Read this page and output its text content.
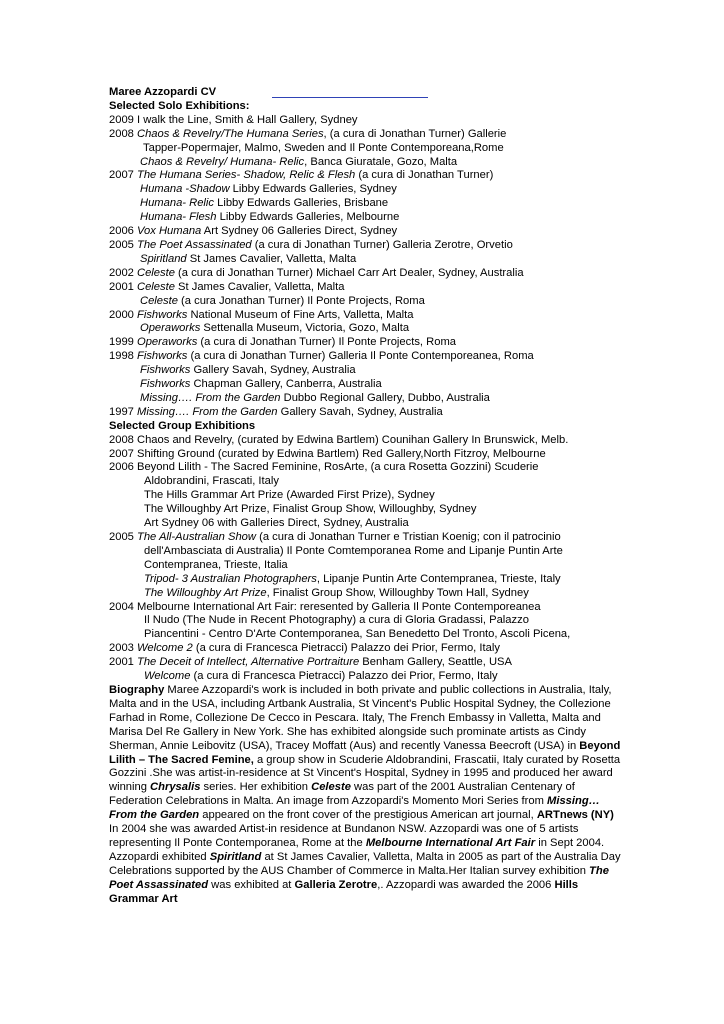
Maree Azzopardi CV
Selected Solo Exhibitions:
2009 I walk the Line, Smith & Hall Gallery, Sydney
2008 Chaos & Revelry/The Humana Series, (a cura di Jonathan Turner) Gallerie
Tapper-Popermajer, Malmo, Sweden and Il Ponte Contemporeana,Rome
Chaos & Revelry/ Humana- Relic, Banca Giuratale, Gozo, Malta
2007 The Humana Series- Shadow, Relic & Flesh (a cura di Jonathan Turner)
Humana -Shadow Libby Edwards Galleries, Sydney
Humana- Relic Libby Edwards Galleries, Brisbane
Humana- Flesh Libby Edwards Galleries, Melbourne
2006 Vox Humana Art Sydney 06 Galleries Direct, Sydney
2005 The Poet Assassinated (a cura di Jonathan Turner) Galleria Zerotre, Orvetio
Spiritland St James Cavalier, Valletta, Malta
2002 Celeste (a cura di Jonathan Turner) Michael Carr Art Dealer, Sydney, Australia
2001 Celeste St James Cavalier, Valletta, Malta
Celeste (a cura Jonathan Turner) Il Ponte Projects, Roma
2000 Fishworks National Museum of Fine Arts, Valletta, Malta
Operaworks Settenalla Museum, Victoria, Gozo, Malta
1999 Operaworks (a cura di Jonathan Turner) Il Ponte Projects, Roma
1998 Fishworks (a cura di Jonathan Turner) Galleria Il Ponte Contemporeanea, Roma
Fishworks Gallery Savah, Sydney, Australia
Fishworks Chapman Gallery, Canberra, Australia
Missing…. From the Garden Dubbo Regional Gallery, Dubbo, Australia
1997 Missing…. From the Garden Gallery Savah, Sydney, Australia
Selected Group Exhibitions
2008 Chaos and Revelry, (curated by Edwina Bartlem) Counihan Gallery In Brunswick, Melb.
2007 Shifting Ground (curated by Edwina Bartlem) Red Gallery,North Fitzroy, Melbourne
2006 Beyond Lilith - The Sacred Feminine, RosArte, (a cura Rosetta Gozzini) Scuderie
Aldobrandini, Frascati, Italy
The Hills Grammar Art Prize (Awarded First Prize), Sydney
The Willoughby Art Prize, Finalist Group Show, Willoughby, Sydney
Art Sydney 06 with Galleries Direct, Sydney, Australia
2005 The All-Australian Show (a cura di Jonathan Turner e Tristian Koenig; con il patrocinio
dell'Ambasciata di Australia) Il Ponte Comtemporanea Rome and Lipanje Puntin Arte
Contempranea, Trieste, Italia
Tripod- 3 Australian Photographers, Lipanje Puntin Arte Contempranea, Trieste, Italy
The Willoughby Art Prize, Finalist Group Show, Willoughby Town Hall, Sydney
2004 Melbourne International Art Fair: reresented by Galleria Il Ponte Contemporeanea
Il Nudo (The Nude in Recent Photography) a cura di Gloria Gradassi, Palazzo
Piancentini - Centro D'Arte Contemporanea, San Benedetto Del Tronto, Ascoli Picena,
2003 Welcome 2 (a cura di Francesca Pietracci) Palazzo dei Prior, Fermo, Italy
2001 The Deceit of Intellect, Alternative Portraiture Benham Gallery, Seattle, USA
Welcome (a cura di Francesca Pietracci) Palazzo dei Prior, Fermo, Italy

Biography Maree Azzopardi's work is included in both private and public collections in Australia, Italy, Malta and in the USA, including Artbank Australia, St Vincent's Public Hospital Sydney, the Collezione Farhad in Rome, Collezione De Cecco in Pescara. Italy, The French Embassy in Valletta, Malta and Marisa Del Re Gallery in New York. She has exhibited alongside such prominate artists as Cindy Sherman, Annie Leibovitz (USA), Tracey Moffatt (Aus) and recently Vanessa Beecroft (USA) in Beyond Lilith – The Sacred Femine, a group show in Scuderie Aldobrandini, Frascatii, Italy curated by Rosetta Gozzini .She was artist-in-residence at St Vincent's Hospital, Sydney in 1995 and produced her award winning Chrysalis series. Her exhibition Celeste was part of the 2001 Australian Centenary of Federation Celebrations in Malta. An image from Azzopardi's Momento Mori Series from Missing…From the Garden appeared on the front cover of the prestigious American art journal, ARTnews (NY) In 2004 she was awarded Artist-in residence at Bundanon NSW. Azzopardi was one of 5 artists representing Il Ponte Contemporanea, Rome at the Melbourne International Art Fair in Sept 2004. Azzopardi exhibited Spiritland at St James Cavalier, Valletta, Malta in 2005 as part of the Australia Day Celebrations supported by the AUS Chamber of Commerce in Malta.Her Italian survey exhibition The Poet Assassinated was exhibited at Galleria Zerotre,. Azzopardi was awarded the 2006 Hills Grammar Art
